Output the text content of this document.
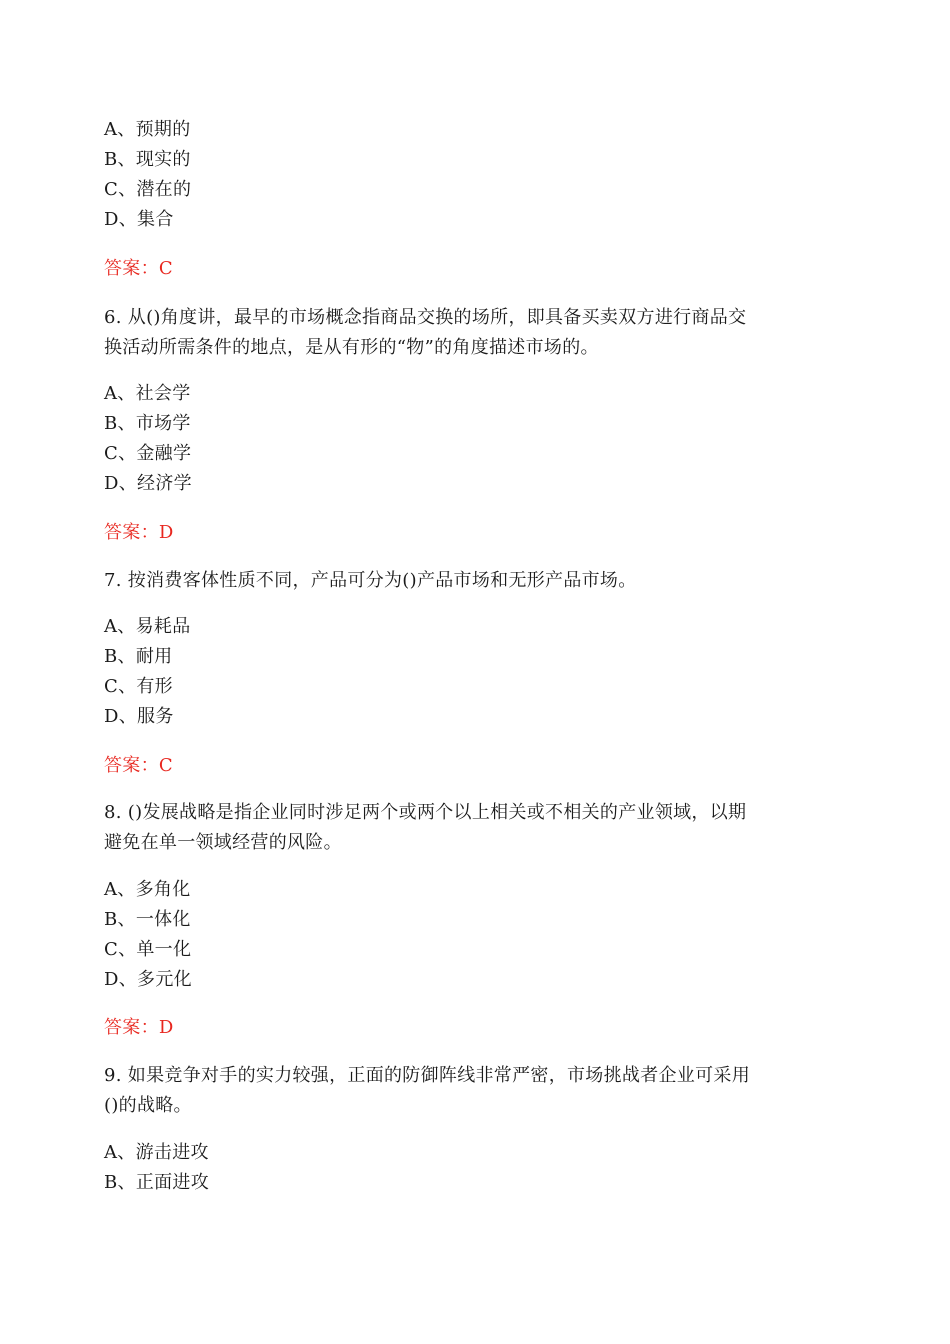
A、预期的
B、现实的
C、潜在的
D、集合
答案：C
6. 从()角度讲，最早的市场概念指商品交换的场所，即具备买卖双方进行商品交
换活动所需条件的地点，是从有形的“物”的角度描述市场的。
A、社会学
B、市场学
C、金融学
D、经济学
答案：D
7. 按消费客体性质不同，产品可分为()产品市场和无形产品市场。
A、易耗品
B、耐用
C、有形
D、服务
答案：C
8. ()发展战略是指企业同时涉足两个或两个以上相关或不相关的产业领域，以期
避免在单一领域经营的风险。
A、多角化
B、一体化
C、单一化
D、多元化
答案：D
9. 如果竞争对手的实力较强，正面的防御阵线非常严密，市场挑战者企业可采用
()的战略。
A、游击进攻
B、正面进攻
